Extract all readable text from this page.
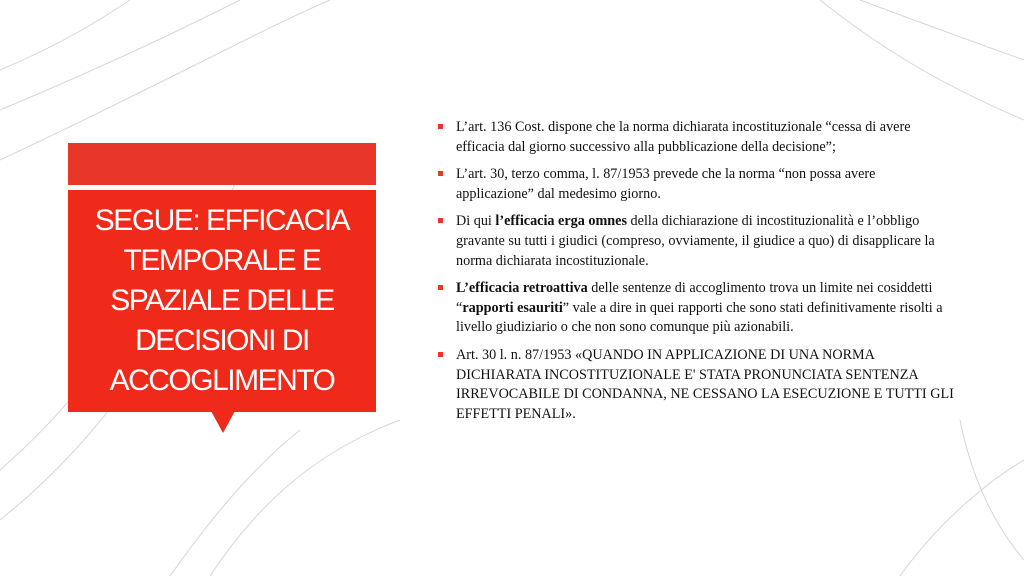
SEGUE: EFFICACIA
TEMPORALE E
SPAZIALE DELLE
DECISIONI DI
ACCOGLIMENTO
L’art. 136 Cost. dispone che la norma dichiarata incostituzionale “cessa di avere efficacia dal giorno successivo alla pubblicazione della decisione”;
L’art. 30, terzo comma, l. 87/1953 prevede che la norma “non possa avere applicazione” dal medesimo giorno.
Di qui l’efficacia erga omnes della dichiarazione di incostituzionalità e l’obbligo gravante su tutti i giudici (compreso, ovviamente, il giudice a quo) di disapplicare la norma dichiarata incostituzionale.
L’efficacia retroattiva delle sentenze di accoglimento trova un limite nei cosiddetti “rapporti esauriti” vale a dire in quei rapporti che sono stati definitivamente risolti a livello giudiziario o che non sono comunque più azionabili.
Art. 30 l. n. 87/1953 «QUANDO IN APPLICAZIONE DI UNA NORMA DICHIARATA INCOSTITUZIONALE E' STATA PRONUNCIATA SENTENZA IRREVOCABILE DI CONDANNA, NE CESSANO LA ESECUZIONE E TUTTI GLI EFFETTI PENALI».
